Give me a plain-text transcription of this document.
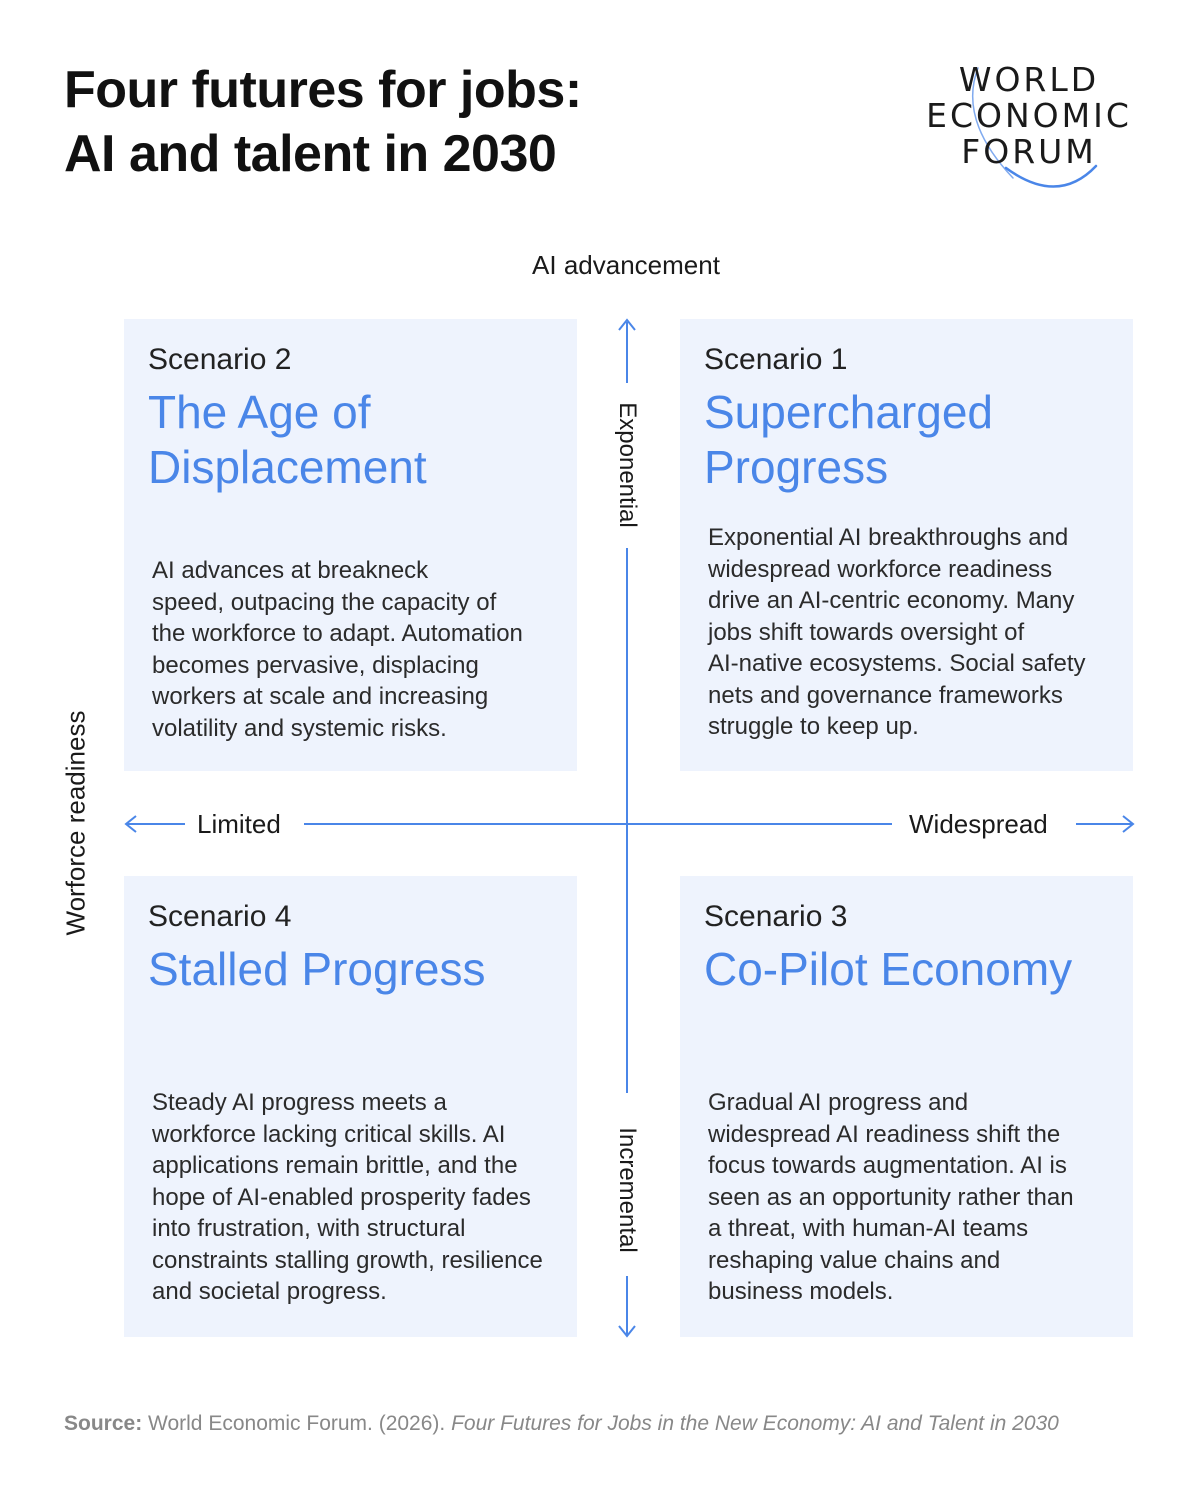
Four futures for jobs:
AI and talent in 2030
WORLD
ECONOMIC
FORUM
AI advancement
Worforce readiness
Scenario 2
The Age of
Displacement
AI advances at breakneck
speed, outpacing the capacity of
the workforce to adapt. Automation
becomes pervasive, displacing
workers at scale and increasing
volatility and systemic risks.
Scenario 1
Supercharged
Progress
Exponential AI breakthroughs and
widespread workforce readiness
drive an AI-centric economy. Many
jobs shift towards oversight of
AI-native ecosystems. Social safety
nets and governance frameworks
struggle to keep up.
Scenario 4
Stalled Progress
Steady AI progress meets a
workforce lacking critical skills. AI
applications remain brittle, and the
hope of AI-enabled prosperity fades
into frustration, with structural
constraints stalling growth, resilience
and societal progress.
Scenario 3
Co-Pilot Economy
Gradual AI progress and
widespread AI readiness shift the
focus towards augmentation. AI is
seen as an opportunity rather than
a threat, with human-AI teams
reshaping value chains and
business models.
Limited	Widespread
Exponential
Incremental
Source: World Economic Forum. (2026). Four Futures for Jobs in the New Economy: AI and Talent in 2030
